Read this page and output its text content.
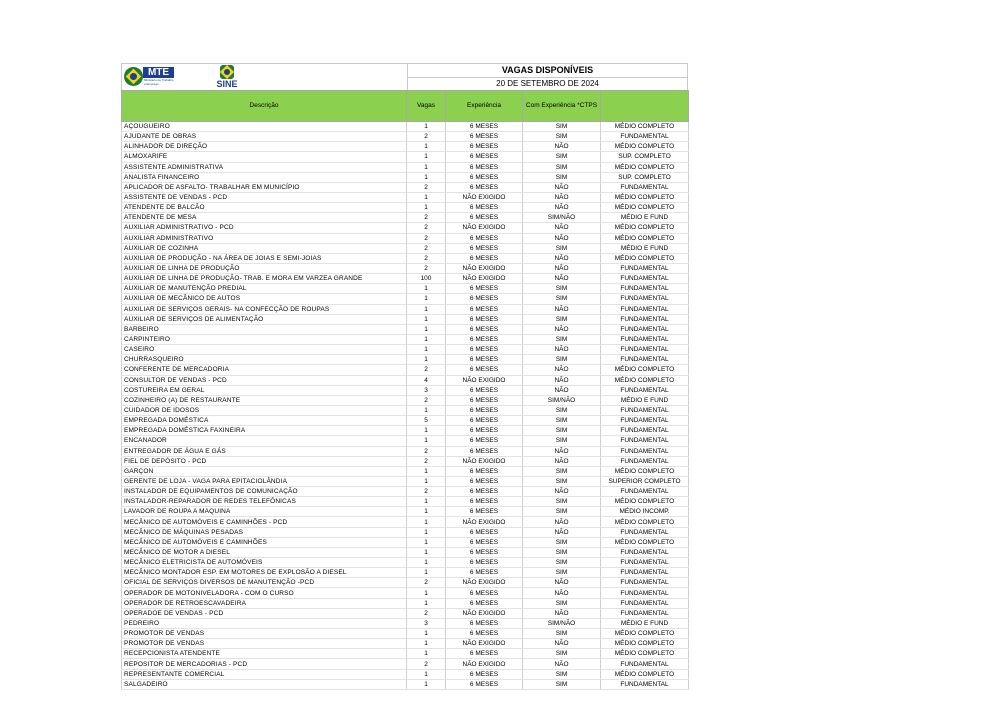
MTE
Ministério do Trabalho e Emprego	SINE
VAGAS DISPONÍVEIS
20 DE SETEMBRO DE 2024
Descrição	Vagas	Experiência	Com Experiência *CTPS	
AÇOUGUEIRO	1	6 MESES	SIM	MÉDIO COMPLETO
AJUDANTE DE OBRAS	2	6 MESES	SIM	FUNDAMENTAL
ALINHADOR DE DIREÇÃO	1	6 MESES	NÃO	MÉDIO COMPLETO
ALMOXARIFE	1	6 MESES	SIM	SUP. COMPLETO
ASSISTENTE ADMINISTRATIVA	1	6 MESES	SIM	MÉDIO COMPLETO
ANALISTA FINANCEIRO	1	6 MESES	SIM	SUP. COMPLETO
APLICADOR DE ASFALTO- TRABALHAR EM MUNICÍPIO	2	6 MESES	NÃO	FUNDAMENTAL
ASSISTENTE DE VENDAS - PCD	1	NÃO EXIGIDO	NÃO	MÉDIO COMPLETO
ATENDENTE DE BALCÃO	1	6 MESES	NÃO	MÉDIO COMPLETO
ATENDENTE DE MESA	2	6 MESES	SIM/NÃO	MÉDIO E FUND
AUXILIAR ADMINISTRATIVO - PCD	2	NÃO EXIGIDO	NÃO	MÉDIO COMPLETO
AUXILIAR ADMINISTRATIVO	2	6 MESES	NÃO	MÉDIO COMPLETO
AUXILIAR DE COZINHA	2	6 MESES	SIM	MÉDIO E FUND
AUXILIAR DE PRODUÇÃO - NA ÁREA DE JOIAS E SEMI-JOIAS	2	6 MESES	NÃO	MÉDIO COMPLETO
AUXILIAR DE LINHA DE PRODUÇÃO	2	NÃO EXIGIDO	NÃO	FUNDAMENTAL
AUXILIAR DE LINHA DE PRODUÇÃO- TRAB. E MORA EM VARZEA GRANDE	100	NÃO EXIGIDO	NÃO	FUNDAMENTAL
AUXILIAR DE MANUTENÇÃO PREDIAL	1	6 MESES	SIM	FUNDAMENTAL
AUXILIAR DE MECÂNICO DE AUTOS	1	6 MESES	SIM	FUNDAMENTAL
AUXILIAR DE SERVIÇOS GERAIS- NA CONFECÇÃO DE ROUPAS	1	6 MESES	NÃO	FUNDAMENTAL
AUXILIAR DE SERVIÇOS DE ALIMENTAÇÃO	1	6 MESES	SIM	FUNDAMENTAL
BARBEIRO	1	6 MESES	NÃO	FUNDAMENTAL
CARPINTEIRO	1	6 MESES	SIM	FUNDAMENTAL
CASEIRO	1	6 MESES	NÃO	FUNDAMENTAL
CHURRASQUEIRO	1	6 MESES	SIM	FUNDAMENTAL
CONFERENTE DE MERCADORIA	2	6 MESES	NÃO	MÉDIO COMPLETO
CONSULTOR DE VENDAS - PCD	4	NÃO EXIGIDO	NÃO	MÉDIO COMPLETO
COSTUREIRA EM GERAL	3	6 MESES	NÃO	FUNDAMENTAL
COZINHEIRO (A) DE RESTAURANTE	2	6 MESES	SIM/NÃO	MÉDIO E FUND
CUIDADOR DE IDOSOS	1	6 MESES	SIM	FUNDAMENTAL
EMPREGADA DOMÉSTICA	5	6 MESES	SIM	FUNDAMENTAL
EMPREGADA DOMÉSTICA FAXINEIRA	1	6 MESES	SIM	FUNDAMENTAL
ENCANADOR	1	6 MESES	SIM	FUNDAMENTAL
ENTREGADOR DE ÁGUA E GÁS	2	6 MESES	NÃO	FUNDAMENTAL
FIEL DE DEPÓSITO - PCD	2	NÃO EXIGIDO	NÃO	FUNDAMENTAL
GARÇON	1	6 MESES	SIM	MÉDIO COMPLETO
GERENTE DE LOJA - VAGA PARA EPITACIOLÂNDIA	1	6 MESES	SIM	SUPERIOR COMPLETO
INSTALADOR DE EQUIPAMENTOS DE COMUNICAÇÃO	2	6 MESES	NÃO	FUNDAMENTAL
INSTALADOR-REPARADOR DE REDES TELEFÔNICAS	1	6 MESES	SIM	MÉDIO COMPLETO
LAVADOR DE ROUPA A MAQUINA	1	6 MESES	SIM	MÉDIO INCOMP.
MECÂNICO DE AUTOMÓVEIS E CAMINHÕES - PCD	1	NÃO EXIGIDO	NÃO	MÉDIO COMPLETO
MECÂNICO DE MÁQUINAS PESADAS	1	6 MESES	NÃO	FUNDAMENTAL
MECÂNICO DE AUTOMÓVEIS E CAMINHÕES	1	6 MESES	SIM	MÉDIO COMPLETO
MECÂNICO DE MOTOR A DIESEL	1	6 MESES	SIM	FUNDAMENTAL
MECÂNICO ELETRICISTA DE AUTOMÓVEIS	1	6 MESES	SIM	FUNDAMENTAL
MECÂNICO MONTADOR ESP. EM MOTORES DE EXPLOSÃO A DIESEL	1	6 MESES	SIM	FUNDAMENTAL
OFICIAL DE SERVIÇOS DIVERSOS DE MANUTENÇÃO -PCD	2	NÃO EXIGIDO	NÃO	FUNDAMENTAL
OPERADOR DE MOTONIVELADORA - COM O CURSO	1	6 MESES	NÃO	FUNDAMENTAL
OPERADOR DE RETROESCAVADEIRA	1	6 MESES	SIM	FUNDAMENTAL
OPERADOE DE VENDAS - PCD	2	NÃO EXIGIDO	NÃO	FUNDAMENTAL
PEDREIRO	3	6 MESES	SIM/NÃO	MÉDIO E FUND
PROMOTOR DE VENDAS	1	6 MESES	SIM	MÉDIO COMPLETO
PROMOTOR DE VENDAS	1	NÃO EXIGIDO	NÃO	MÉDIO COMPLETO
RECEPCIONISTA ATENDENTE	1	6 MESES	SIM	MÉDIO COMPLETO
REPOSITOR DE MERCADORIAS - PCD	2	NÃO EXIGIDO	NÃO	FUNDAMENTAL
REPRESENTANTE COMERCIAL	1	6 MESES	SIM	MÉDIO COMPLETO
SALGADEIRO	1	6 MESES	SIM	FUNDAMENTAL
